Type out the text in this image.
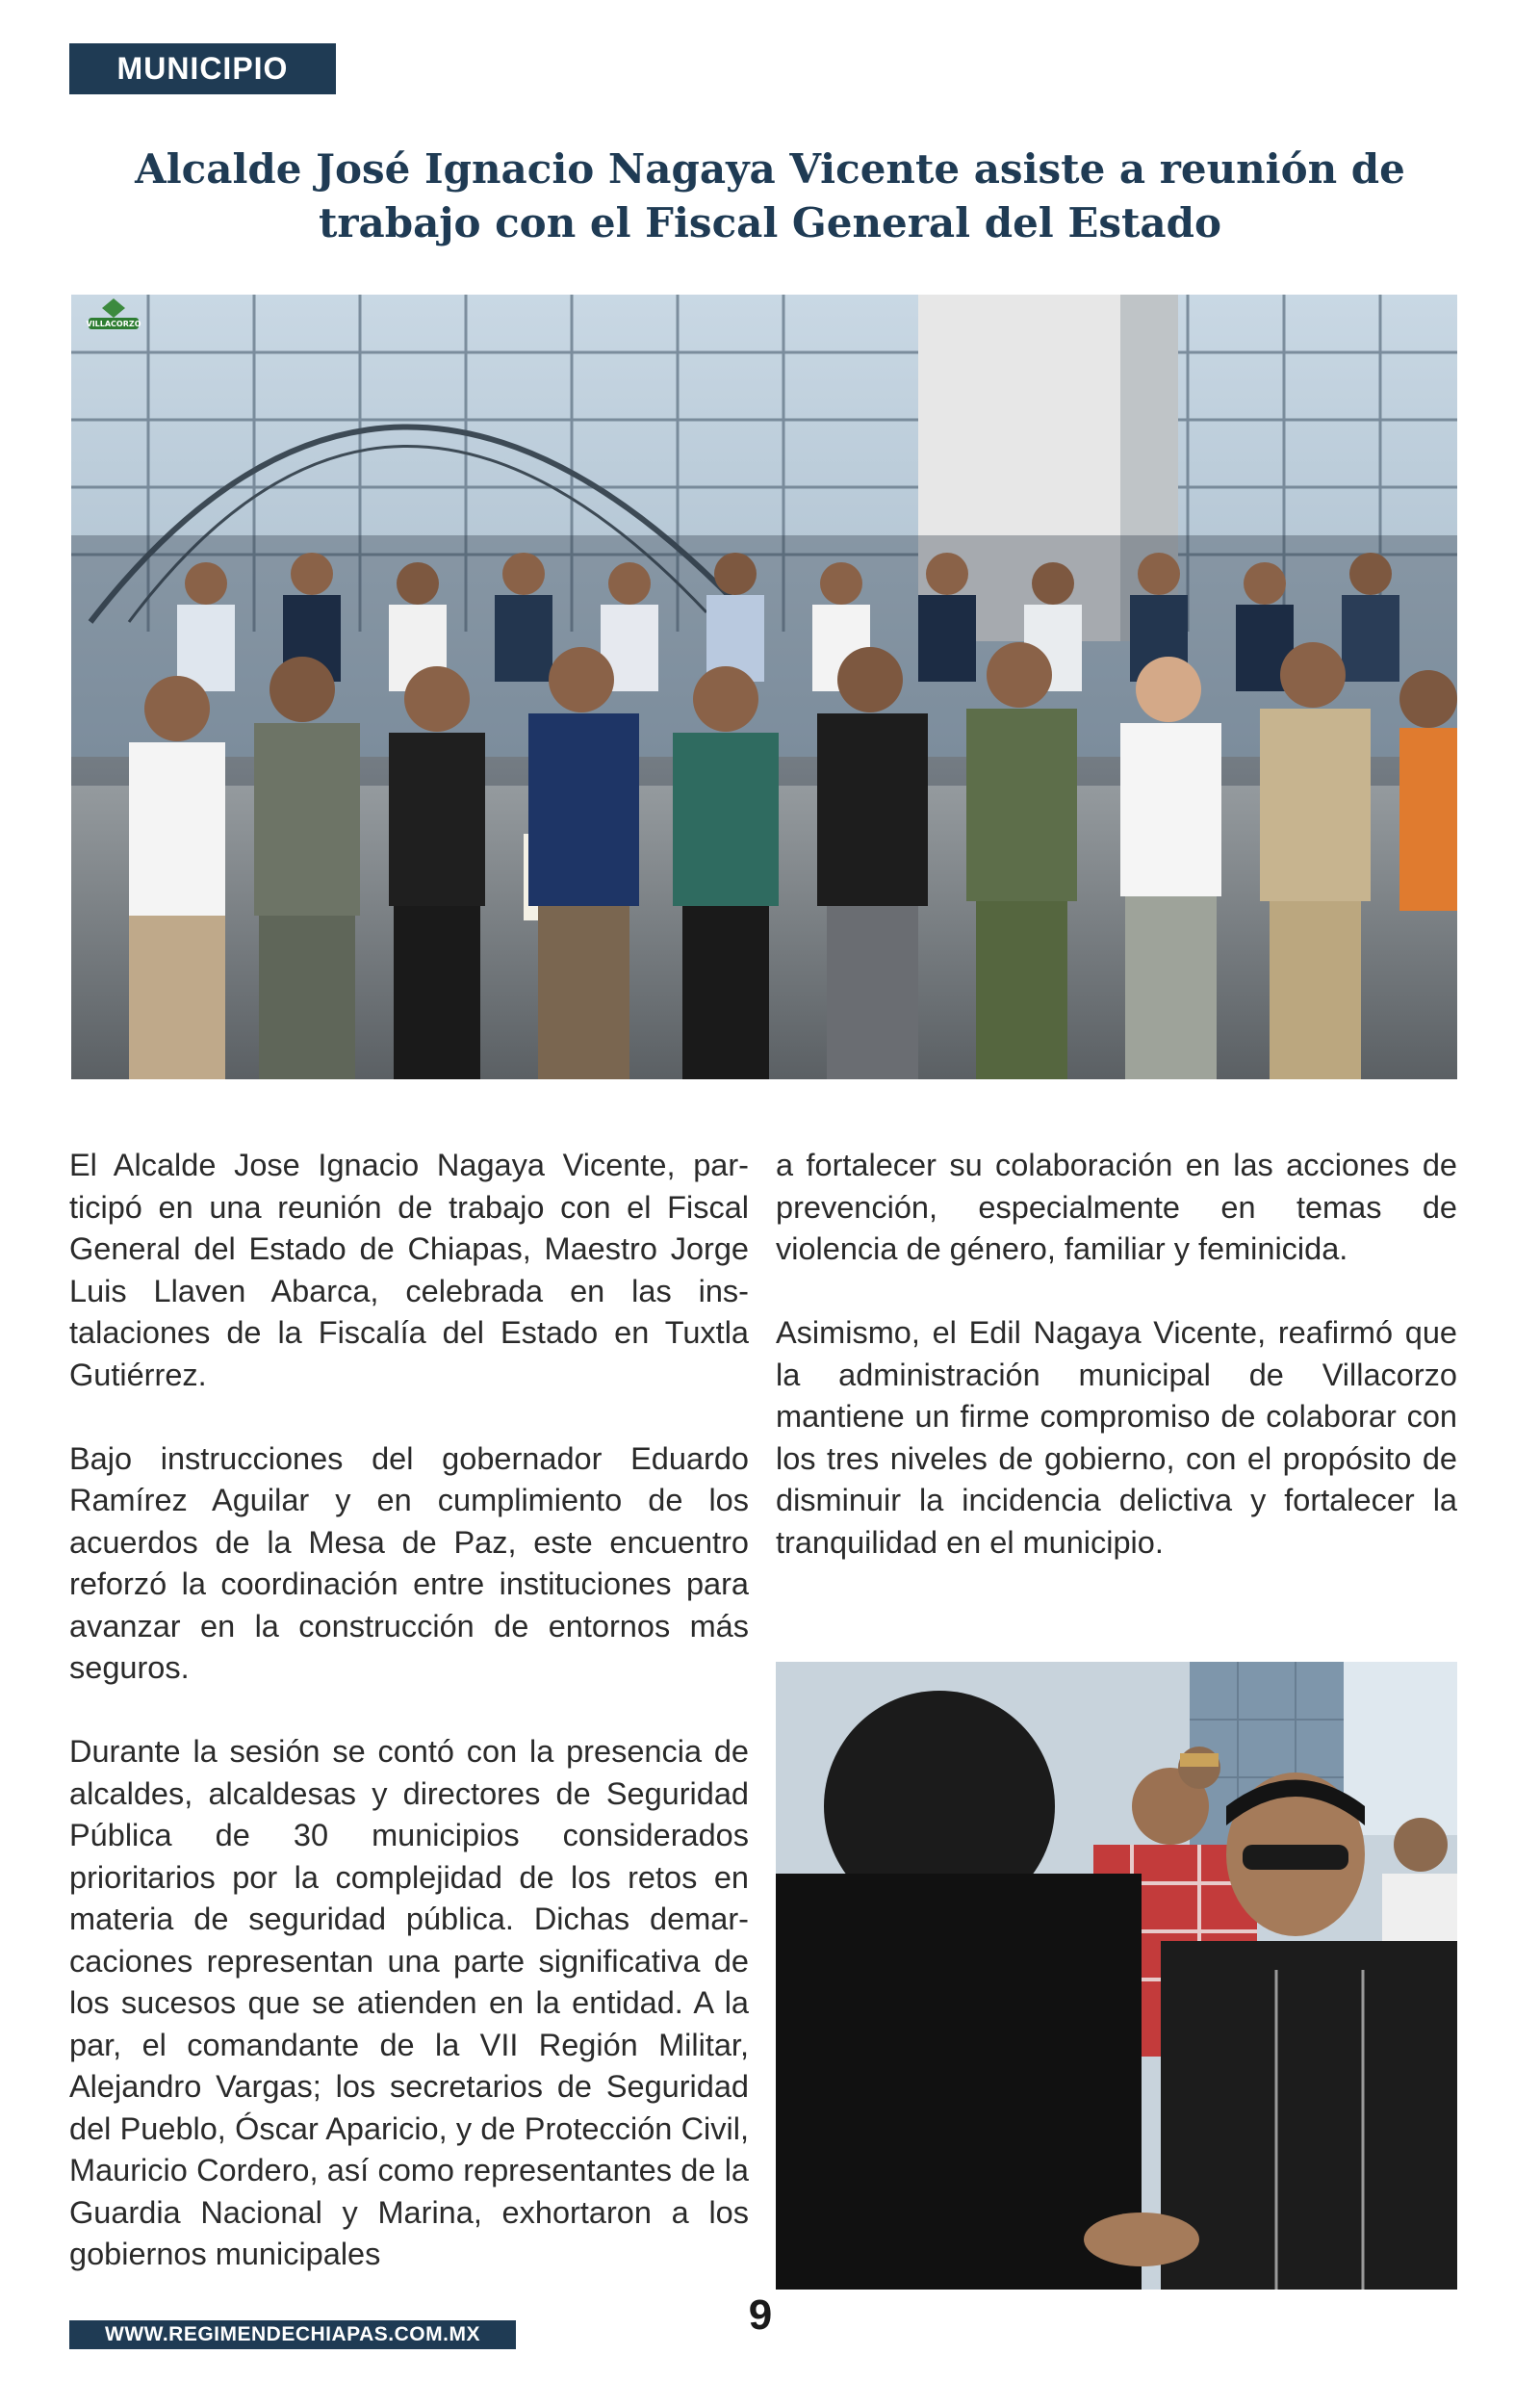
MUNICIPIO
Alcalde José Ignacio Nagaya Vicente asiste a reunión de trabajo con el Fiscal General del Estado
VILLACORZO

El Alcalde Jose Ignacio Nagaya Vicente, participó en una reunión de trabajo con el Fiscal General del Estado de Chiapas, Maestro Jorge Luis Llaven Abarca, celebrada en las instalaciones de la Fiscalía del Estado en Tuxtla Gutiérrez.

Bajo instrucciones del gobernador Eduardo Ramírez Aguilar y en cumplimiento de los acuerdos de la Mesa de Paz, este encuentro reforzó la coordinación entre instituciones para avanzar en la construcción de entornos más seguros.

Durante la sesión se contó con la presencia de alcaldes, alcaldesas y directores de Seguridad Pública de 30 municipios considerados prioritarios por la complejidad de los retos en materia de seguridad pública. Dichas demarcaciones representan una parte significativa de los sucesos que se atienden en la entidad. A la par, el comandante de la VII Región Militar, Alejandro Vargas; los secretarios de Seguridad del Pueblo, Óscar Aparicio, y de Protección Civil, Mauricio Cordero, así como representantes de la Guardia Nacional y Marina, exhortaron a los gobiernos municipales

a fortalecer su colaboración en las acciones de prevención, especialmente en temas de violencia de género, familiar y feminicida.

Asimismo, el Edil Nagaya Vicente, reafirmó que la administración municipal de Villacorzo mantiene un firme compromiso de colaborar con los tres niveles de gobierno, con el propósito de disminuir la incidencia delictiva y fortalecer la tranquilidad en el municipio.

WWW.REGIMENDECHIAPAS.COM.MX	9
